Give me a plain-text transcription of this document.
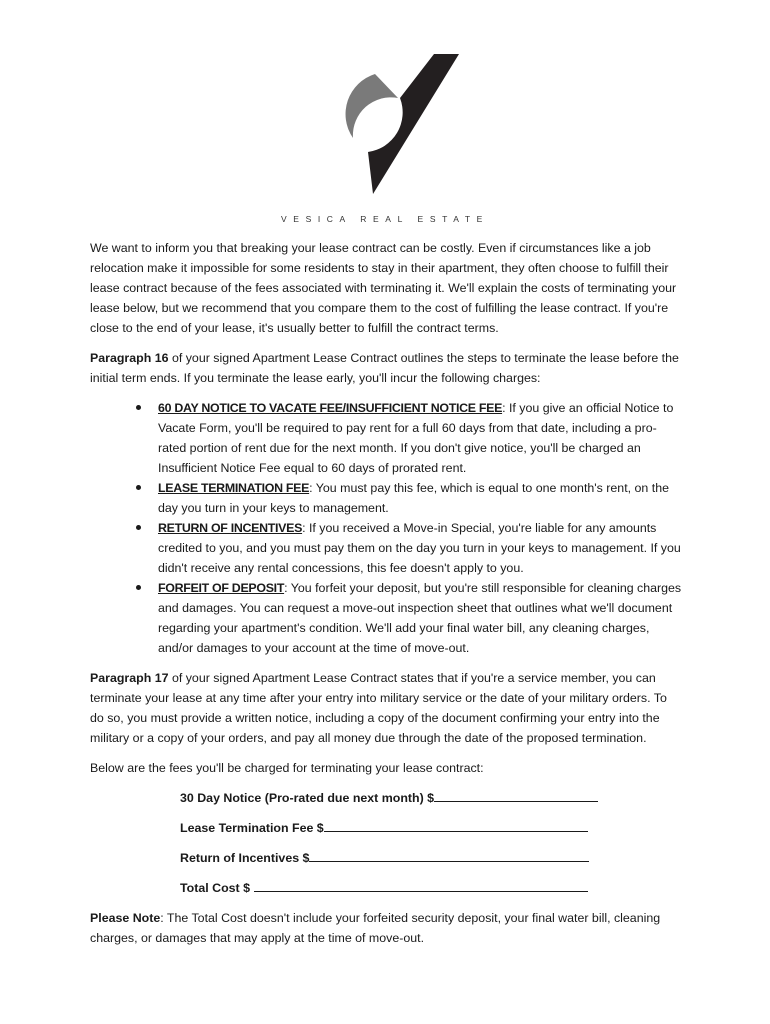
VESICA REAL ESTATE

We want to inform you that breaking your lease contract can be costly. Even if circumstances like a job relocation make it impossible for some residents to stay in their apartment, they often choose to fulfill their lease contract because of the fees associated with terminating it. We'll explain the costs of terminating your lease below, but we recommend that you compare them to the cost of fulfilling the lease contract. If you're close to the end of your lease, it's usually better to fulfill the contract terms.

Paragraph 16 of your signed Apartment Lease Contract outlines the steps to terminate the lease before the initial term ends. If you terminate the lease early, you'll incur the following charges:

60 DAY NOTICE TO VACATE FEE/INSUFFICIENT NOTICE FEE: If you give an official Notice to Vacate Form, you'll be required to pay rent for a full 60 days from that date, including a pro-rated portion of rent due for the next month. If you don't give notice, you'll be charged an Insufficient Notice Fee equal to 60 days of prorated rent.
LEASE TERMINATION FEE: You must pay this fee, which is equal to one month's rent, on the day you turn in your keys to management.
RETURN OF INCENTIVES: If you received a Move-in Special, you're liable for any amounts credited to you, and you must pay them on the day you turn in your keys to management. If you didn't receive any rental concessions, this fee doesn't apply to you.
FORFEIT OF DEPOSIT: You forfeit your deposit, but you're still responsible for cleaning charges and damages. You can request a move-out inspection sheet that outlines what we'll document regarding your apartment's condition. We'll add your final water bill, any cleaning charges, and/or damages to your account at the time of move-out.

Paragraph 17 of your signed Apartment Lease Contract states that if you're a service member, you can terminate your lease at any time after your entry into military service or the date of your military orders. To do so, you must provide a written notice, including a copy of the document confirming your entry into the military or a copy of your orders, and pay all money due through the date of the proposed termination.

Below are the fees you'll be charged for terminating your lease contract:

30 Day Notice (Pro-rated due next month) $
Lease Termination Fee $
Return of Incentives $
Total Cost $

Please Note: The Total Cost doesn't include your forfeited security deposit, your final water bill, cleaning charges, or damages that may apply at the time of move-out.
